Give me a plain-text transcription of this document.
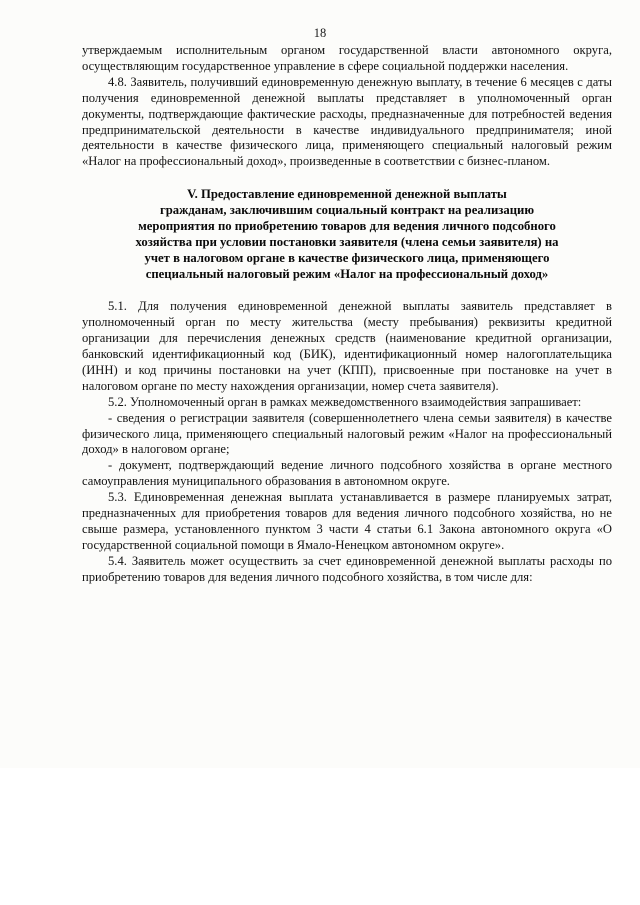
18

утверждаемым исполнительным органом государственной власти автономного округа, осуществляющим государственное управление в сфере социальной поддержки населения.

4.8. Заявитель, получивший единовременную денежную выплату, в течение 6 месяцев с даты получения единовременной денежной выплаты представляет в уполномоченный орган документы, подтверждающие фактические расходы, предназначенные для потребностей ведения предпринимательской деятельности в качестве индивидуального предпринимателя; иной деятельности в качестве физического лица, применяющего специальный налоговый режим «Налог на профессиональный доход», произведенные в соответствии с бизнес-планом.

V. Предоставление единовременной денежной выплаты
гражданам, заключившим социальный контракт на реализацию
мероприятия по приобретению товаров для ведения личного подсобного
хозяйства при условии постановки заявителя (члена семьи заявителя) на
учет в налоговом органе в качестве физического лица, применяющего
специальный налоговый режим «Налог на профессиональный доход»

5.1. Для получения единовременной денежной выплаты заявитель представляет в уполномоченный орган по месту жительства (месту пребывания) реквизиты кредитной организации для перечисления денежных средств (наименование кредитной организации, банковский идентификационный код (БИК), идентификационный номер налогоплательщика (ИНН) и код причины постановки на учет (КПП), присвоенные при постановке на учет в налоговом органе по месту нахождения организации, номер счета заявителя).

5.2. Уполномоченный орган в рамках межведомственного взаимодействия запрашивает:

- сведения о регистрации заявителя (совершеннолетнего члена семьи заявителя) в качестве физического лица, применяющего специальный налоговый режим «Налог на профессиональный доход» в налоговом органе;

- документ, подтверждающий ведение личного подсобного хозяйства в органе местного самоуправления муниципального образования в автономном округе.

5.3. Единовременная денежная выплата устанавливается в размере планируемых затрат, предназначенных для приобретения товаров для ведения личного подсобного хозяйства, но не свыше размера, установленного пунктом 3 части 4 статьи 6.1 Закона автономного округа «О государственной социальной помощи в Ямало-Ненецком автономном округе».

5.4. Заявитель может осуществить за счет единовременной денежной выплаты расходы по приобретению товаров для ведения личного подсобного хозяйства, в том числе для:
